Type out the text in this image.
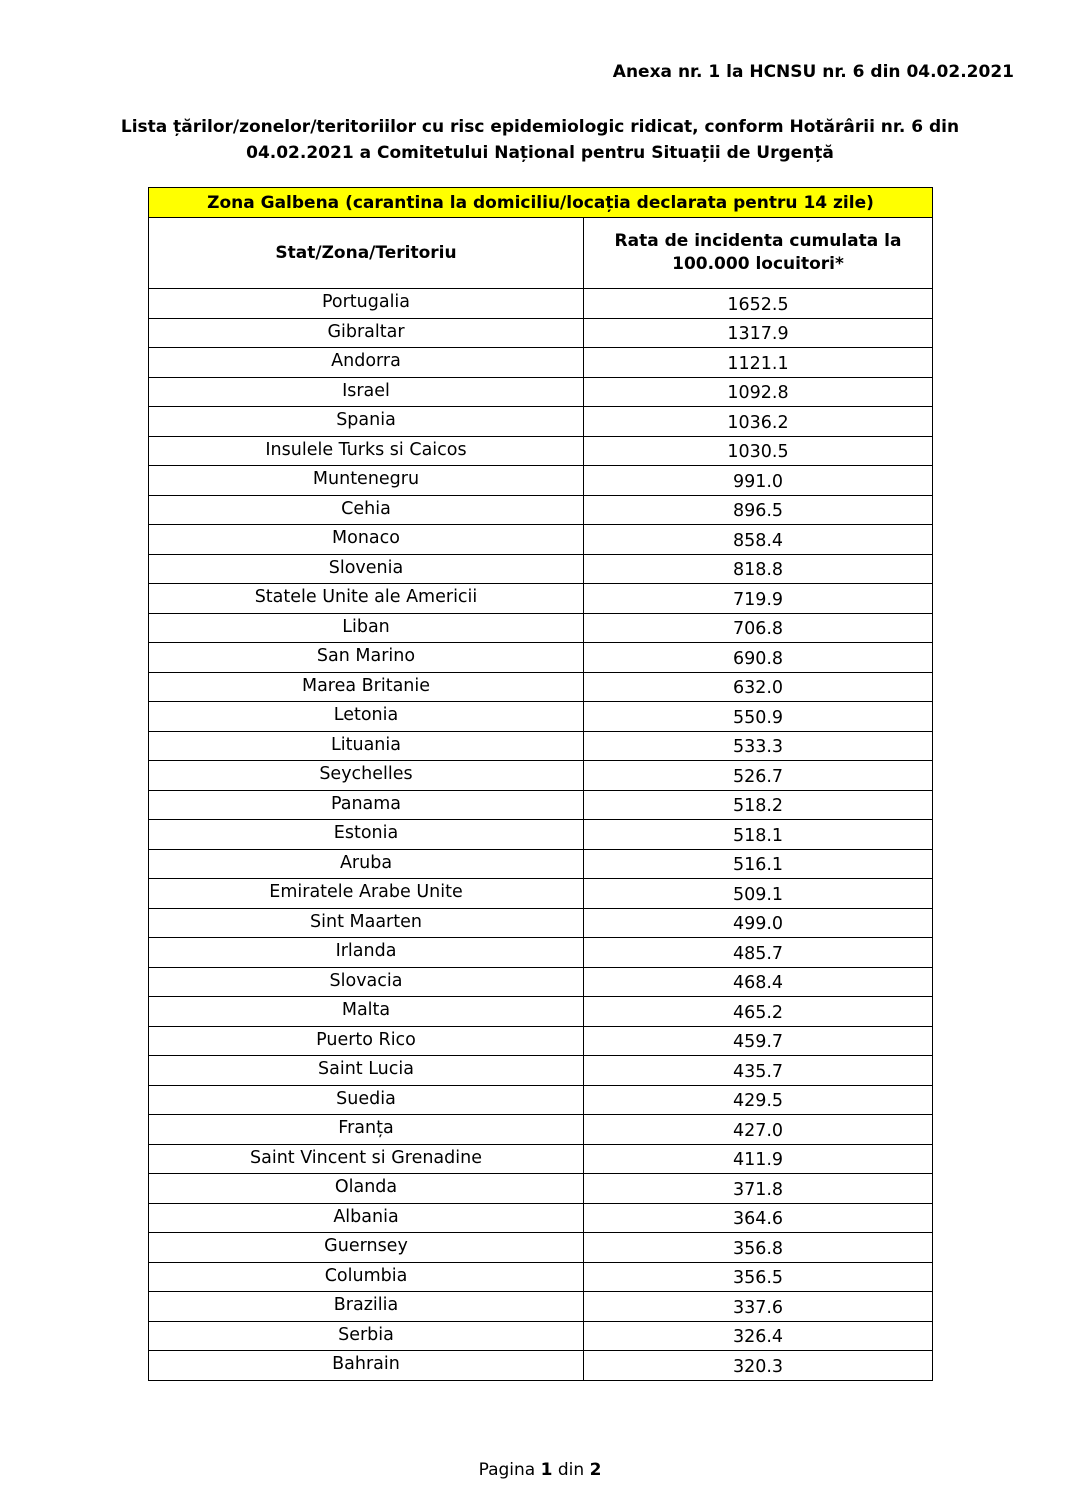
Anexa nr. 1 la HCNSU nr. 6 din 04.02.2021
Lista țărilor/zonelor/teritoriilor cu risc epidemiologic ridicat, conform Hotărârii nr. 6 din
04.02.2021 a Comitetului Național pentru Situații de Urgență
Zona Galbena (carantina la domiciliu/locația declarata pentru 14 zile)	
Stat/Zona/Teritoriu	Rata de incidenta cumulata la
100.000 locuitori*

Portugalia	1652.5
Gibraltar	1317.9
Andorra	1121.1
Israel	1092.8
Spania	1036.2
Insulele Turks si Caicos	1030.5
Muntenegru	991.0
Cehia	896.5
Monaco	858.4
Slovenia	818.8
Statele Unite ale Americii	719.9
Liban	706.8
San Marino	690.8
Marea Britanie	632.0
Letonia	550.9
Lituania	533.3
Seychelles	526.7
Panama	518.2
Estonia	518.1
Aruba	516.1
Emiratele Arabe Unite	509.1
Sint Maarten	499.0
Irlanda	485.7
Slovacia	468.4
Malta	465.2
Puerto Rico	459.7
Saint Lucia	435.7
Suedia	429.5
Franța	427.0
Saint Vincent si Grenadine	411.9
Olanda	371.8
Albania	364.6
Guernsey	356.8
Columbia	356.5
Brazilia	337.6
Serbia	326.4
Bahrain	320.3
Pagina 1 din 2
